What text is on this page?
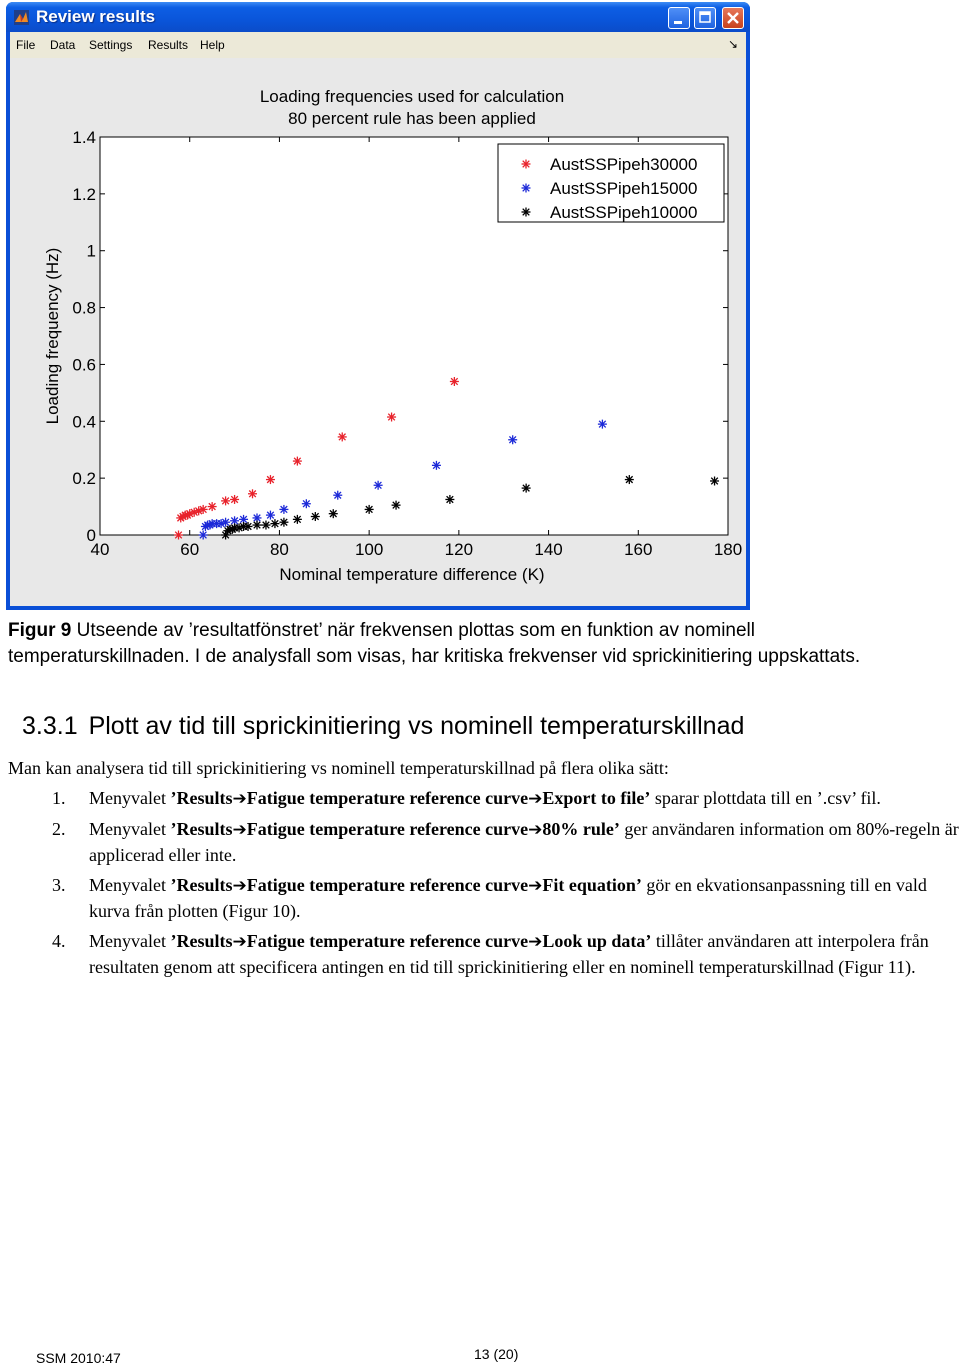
Review results
File Data Settings Results Help	↘
Loading frequencies used for calculation
80 percent rule has been applied
40	60	80	100	120	140	160	180
0
0.2
0.4
0.6
0.8
1
1.2
1.4
Nominal temperature difference (K)
Loading frequency (Hz)
AustSSPipeh30000
AustSSPipeh15000
AustSSPipeh10000
Figur 9 Utseende av ’resultatfönstret’ när frekvensen plottas som en funktion av nominell temperaturskillnaden. I de analysfall som visas, har kritiska frekvenser vid sprickinitiering uppskattats.
3.3.1 Plott av tid till sprickinitiering vs nominell temperaturskillnad
Man kan analysera tid till sprickinitiering vs nominell temperaturskillnad på flera olika sätt:
1. Menyvalet ’Results➔Fatigue temperature reference curve➔Export to file’ sparar plottdata till en ’.csv’ fil.
2. Menyvalet ’Results➔Fatigue temperature reference curve➔80% rule’ ger användaren information om 80%-regeln är applicerad eller inte.
3. Menyvalet ’Results➔Fatigue temperature reference curve➔Fit equation’ gör en ekvationsanpassning till en vald kurva från plotten (Figur 10).
4. Menyvalet ’Results➔Fatigue temperature reference curve➔Look up data’ tillåter användaren att interpolera från resultaten genom att specificera antingen en tid till sprickinitiering eller en nominell temperaturskillnad (Figur 11).
SSM 2010:47	13 (20)
